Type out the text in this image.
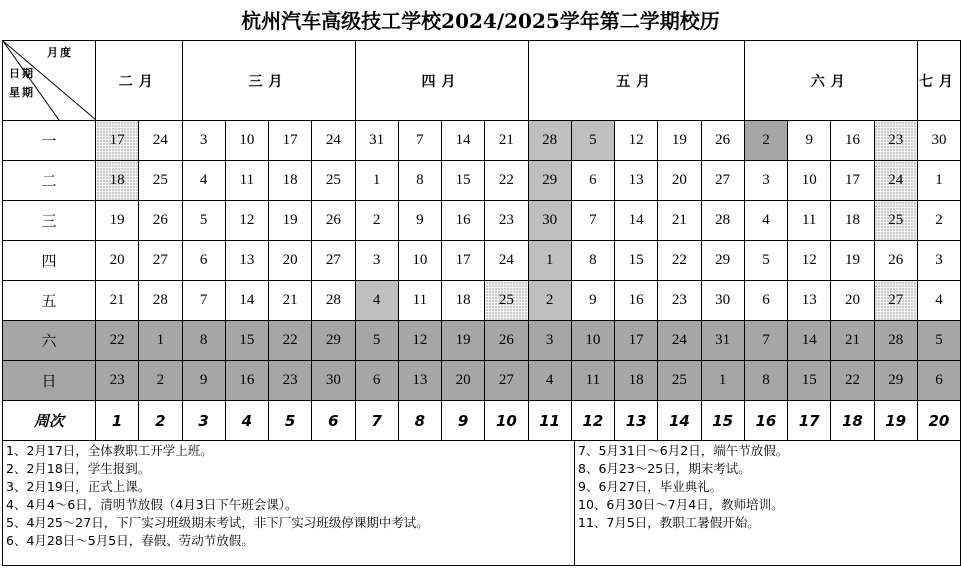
杭州汽车高级技工学校2024/2025学年第二学期校历
月度
日期
星期	二月		三月				四月				五月					六月				七月
一	17	24	3	10	17	24	31	7	14	21	28	5	12	19	26	2	9	16	23	30
二	18	25	4	11	18	25	1	8	15	22	29	6	13	20	27	3	10	17	24	1
三	19	26	5	12	19	26	2	9	16	23	30	7	14	21	28	4	11	18	25	2
四	20	27	6	13	20	27	3	10	17	24	1	8	15	22	29	5	12	19	26	3
五	21	28	7	14	21	28	4	11	18	25	2	9	16	23	30	6	13	20	27	4
六	22	1	8	15	22	29	5	12	19	26	3	10	17	24	31	7	14	21	28	5
日	23	2	9	16	23	30	6	13	20	27	4	11	18	25	1	8	15	22	29	6
周次	1	2	3	4	5	6	7	8	9	10	11	12	13	14	15	16	17	18	19	20
1、2月17日，全体教职工开学上班。
2、2月18日，学生报到。
3、2月19日，正式上课。
4、4月4～6日，清明节放假（4月3日下午班会课）。
5、4月25～27日，下厂实习班级期末考试，非下厂实习班级停课期中考试。
6、4月28日～5月5日，春假、劳动节放假。

7、5月31日～6月2日，端午节放假。
8、6月23～25日，期末考试。
9、6月27日，毕业典礼。
10、6月30日～7月4日，教师培训。
11、7月5日，教职工暑假开始。
